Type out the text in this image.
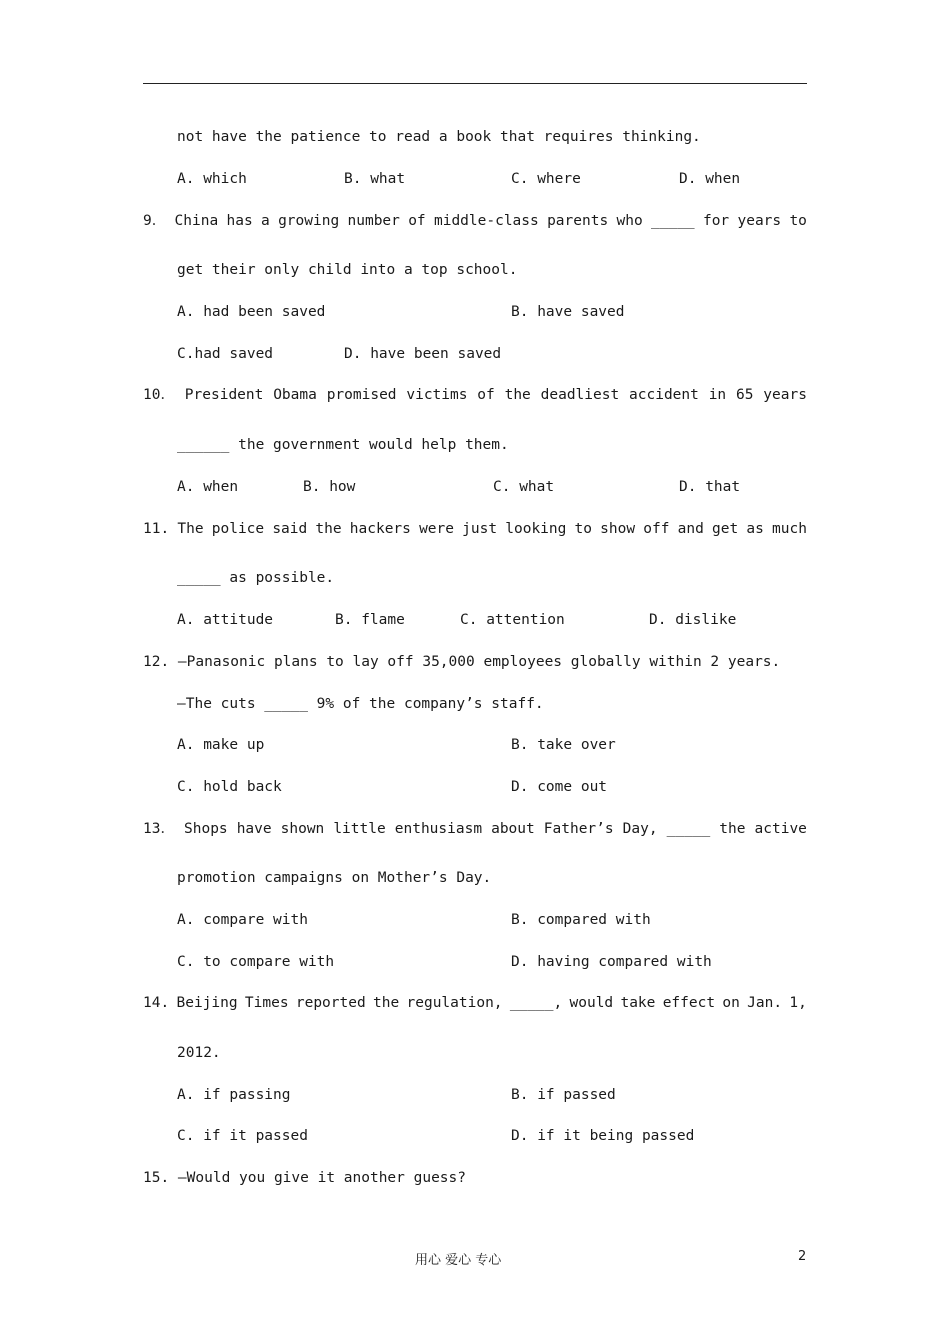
not have the patience to read a book that requires thinking.
A. which	B. what	C. where	D. when
9． China has a growing number of middle-class parents who _____ for years to
get their only child into a top school.
A. had been saved	B. have saved
C.had saved	D. have been saved
10． President Obama promised victims of the deadliest accident in 65 years
______ the government would help them.
A. when	B. how	C. what	D. that
11. The police said the hackers were just looking to show off and get as much
_____ as possible.
A. attitude	B. flame	C. attention	D. dislike
12. —Panasonic plans to lay off 35,000 employees globally within 2 years.
—The cuts _____ 9% of the company’s staff.
A. make up	B. take over
C. hold back	D. come out
13． Shops have shown little enthusiasm about Father’s Day, _____ the active
promotion campaigns on Mother’s Day.
A. compare with	B. compared with
C. to compare with	D. having compared with
14. Beijing Times reported the regulation, _____, would take effect on Jan. 1,
2012.
A. if passing	B. if passed
C. if it passed	D. if it being passed
15. —Would you give it another guess?
用心 爱心 专心	2
